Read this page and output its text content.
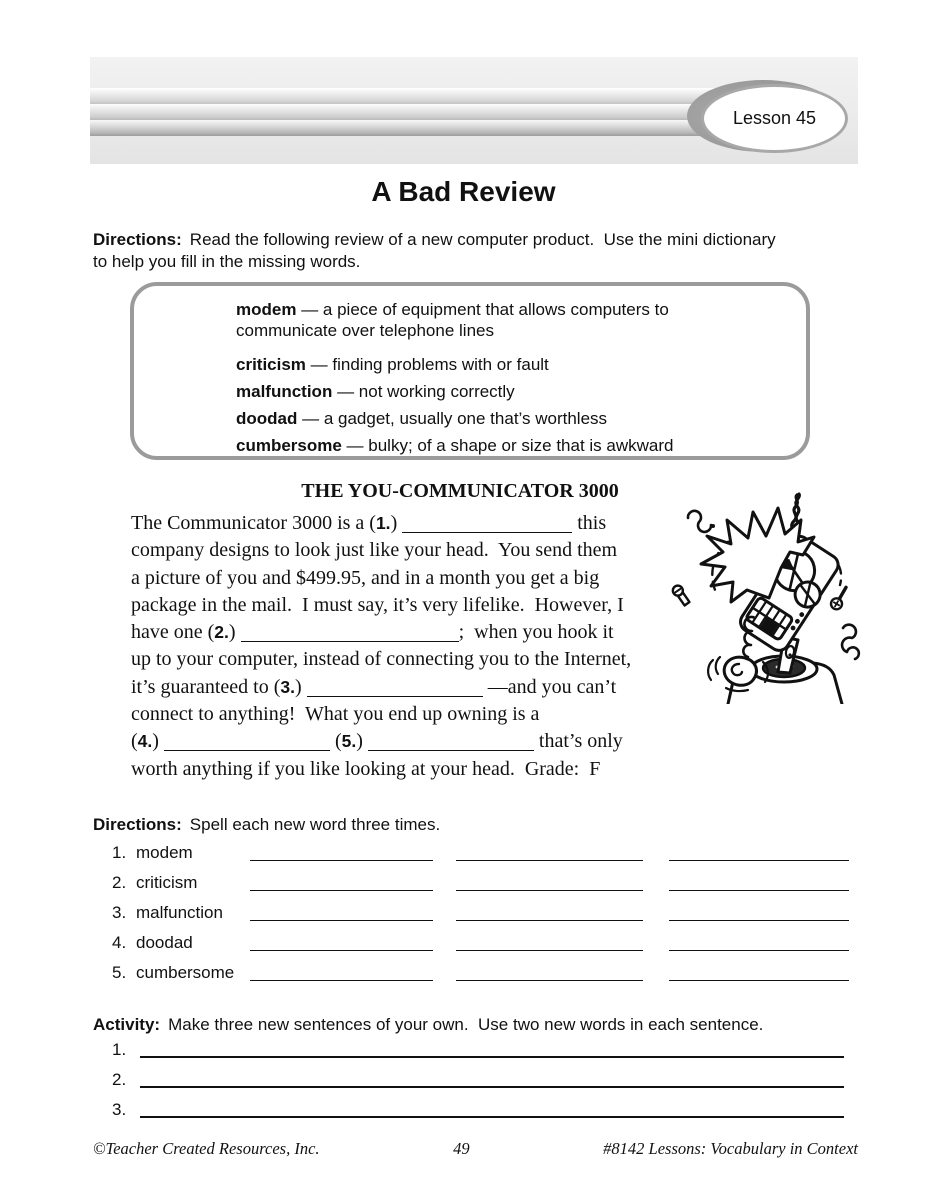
Lesson 45
A Bad Review
Directions: Read the following review of a new computer product.  Use the mini dictionary
to help you fill in the missing words.
modem — a piece of equipment that allows computers to communicate over telephone lines
criticism — finding problems with or fault
malfunction — not working correctly
doodad — a gadget, usually one that’s worthless
cumbersome — bulky; of a shape or size that is awkward
THE YOU-COMMUNICATOR 3000
The Communicator 3000 is a (1.)	this
company designs to look just like your head.  You send them
a picture of you and $499.95, and in a month you get a big
package in the mail.  I must say, it’s very lifelike.  However, I
have one (2.)	;  when you hook it
up to your computer, instead of connecting you to the Internet,
it’s guaranteed to (3.)	—and you can’t
connect to anything!  What you end up owning is a
(4.)	(5.)	that’s only
worth anything if you like looking at your head.  Grade:  F
Directions: Spell each new word three times.
1. modem
2. criticism
3. malfunction
4. doodad
5. cumbersome
Activity: Make three new sentences of your own.  Use two new words in each sentence.
1.
2.
3.
©Teacher Created Resources, Inc.	49	#8142 Lessons: Vocabulary in Context
